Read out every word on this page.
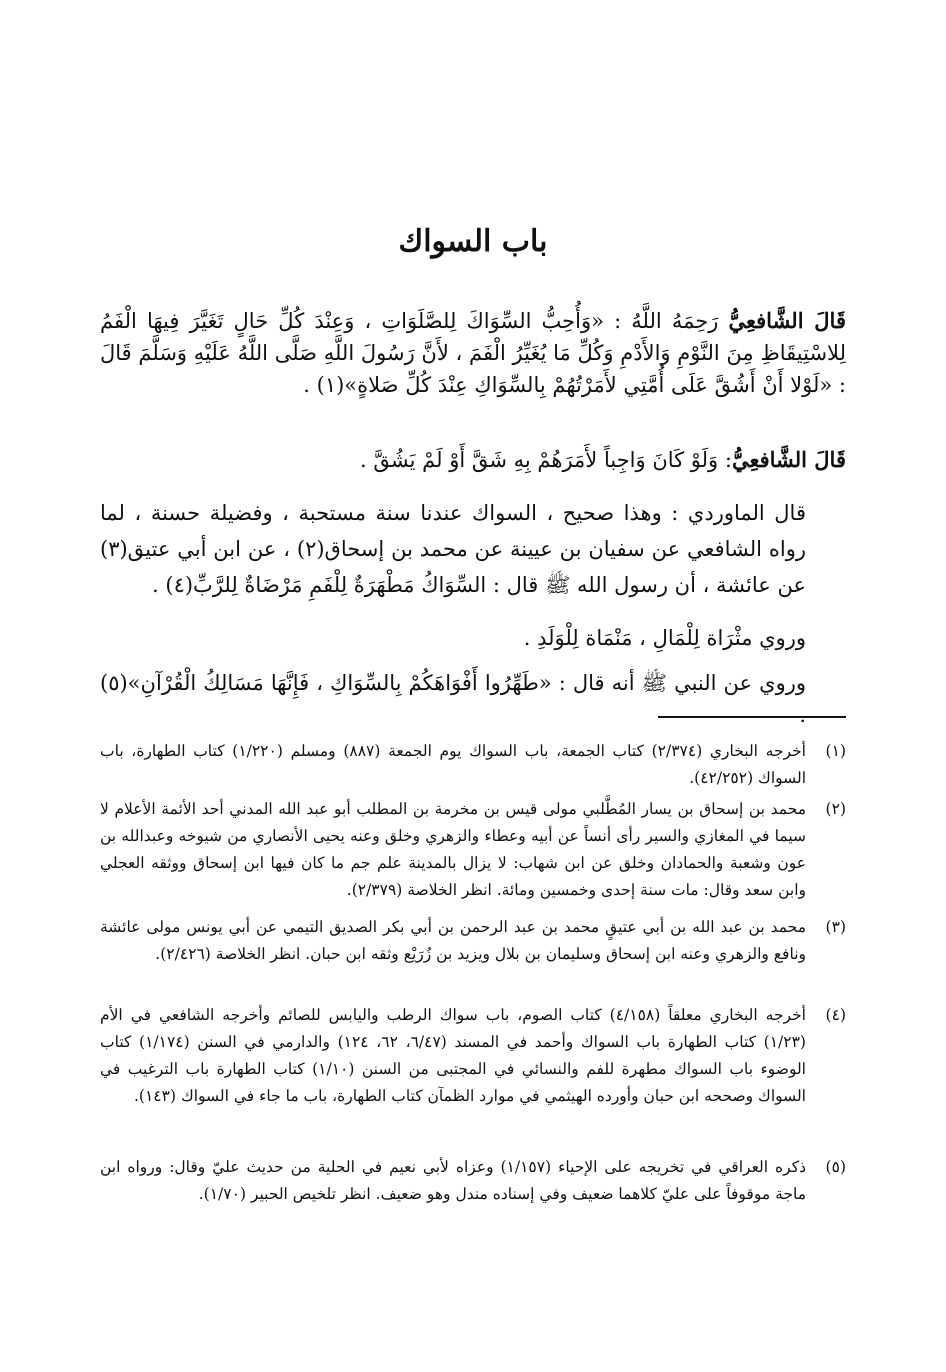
باب السواك

قَالَ الشَّافعِيُّ رَحِمَهُ اللَّهُ : «وَأُحِبُّ السِّوَاكَ لِلصَّلَوَاتِ ، وَعِنْدَ كُلِّ حَالٍ تَغَيَّرَ فِيهَا الْفَمُ لِلاسْتِيقَاظِ مِنَ النَّوْمِ وَالأَدْمِ وَكُلِّ مَا يُغَيِّرُ الْفَمَ ، لأَنَّ رَسُولَ اللَّهِ صَلَّى اللَّهُ عَلَيْهِ وَسَلَّمَ قَالَ : «لَوْلا أَنْ أَشُقَّ عَلَى أُمَّتِي لأَمَرْتُهُمْ بِالسِّوَاكِ عِنْدَ كُلِّ صَلاةٍ»(١) .

قَالَ الشَّافعِيُّ: وَلَوْ كَانَ وَاجِباً لأَمَرَهُمْ بِهِ شَقَّ أَوْ لَمْ يَشُقَّ .

قال الماوردي : وهذا صحيح ، السواك عندنا سنة مستحبة ، وفضيلة حسنة ، لما رواه الشافعي عن سفيان بن عيينة عن محمد بن إسحاق(٢) ، عن ابن أبي عتيق(٣) عن عائشة ، أن رسول الله ﷺ قال : السِّوَاكُ مَطْهَرَةٌ لِلْفَمِ مَرْضَاةٌ لِلرَّبِّ(٤) .

وروي مثْرَاة لِلْمَالِ ، مَنْمَاة لِلْوَلَدِ .

وروي عن النبي ﷺ أنه قال : «طَهِّرُوا أَفْوَاهَكُمْ بِالسِّوَاكِ ، فَإِنَّهَا مَسَالِكُ الْقُرْآنِ»(٥) .

(١)
أخرجه البخاري (٢/٣٧٤) كتاب الجمعة، باب السواك يوم الجمعة (٨٨٧) ومسلم (١/٢٢٠) كتاب الطهارة، باب السواك (٤٢/٢٥٢).
(٢)
محمد بن إسحاق بن يسار المُطَّلبي مولى قيس بن مخرمة بن المطلب أبو عبد الله المدني أحد الأئمة الأعلام لا سيما في المغازي والسير رأى أنساً عن أبيه وعطاء والزهري وخلق وعنه يحيى الأنصاري من شيوخه وعبدالله بن عون وشعبة والحمادان وخلق عن ابن شهاب: لا يزال بالمدينة علم جم ما كان فيها ابن إسحاق ووثقه العجلي وابن سعد وقال: مات سنة إحدى وخمسين ومائة. انظر الخلاصة (٢/٣٧٩).
(٣)
محمد بن عبد الله بن أبي عتيقٍ محمد بن عبد الرحمن بن أبي بكر الصديق التيمي عن أبي يونس مولى عائشة ونافع والزهري وعنه ابن إسحاق وسليمان بن بلال ويزيد بن زُرَيْع وثقه ابن حبان. انظر الخلاصة (٢/٤٢٦).
(٤)
أخرجه البخاري معلقاً (٤/١٥٨) كتاب الصوم، باب سواك الرطب واليابس للصائم وأخرجه الشافعي في الأم (١/٢٣) كتاب الطهارة باب السواك وأحمد في المسند (٦/٤٧، ٦٢، ١٢٤) والدارمي في السنن (١/١٧٤) كتاب الوضوء باب السواك مطهرة للفم والنسائي في المجتبى من السنن (١/١٠) كتاب الطهارة باب الترغيب في السواك وصححه ابن حبان وأورده الهيثمي في موارد الظمآن كتاب الطهارة، باب ما جاء في السواك (١٤٣).
(٥)
ذكره العراقي في تخريجه على الإحياء (١/١٥٧) وعزاه لأبي نعيم في الحلية من حديث عليّ وقال: ورواه ابن ماجة موقوفاً على عليّ كلاهما ضعيف وفي إسناده مندل وهو ضعيف. انظر تلخيص الحبير (١/٧٠).
